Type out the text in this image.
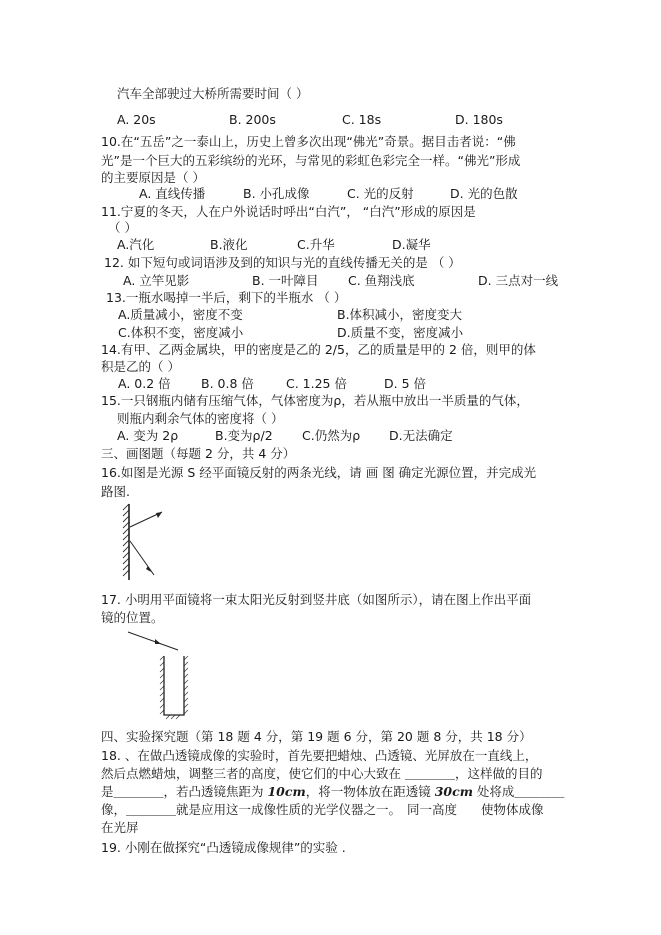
汽车全部驶过大桥所需要时间（ ）
A. 20s	B. 200s	C. 18s	D. 180s
10.在“五岳”之一泰山上，历史上曾多次出现“佛光”奇景。据目击者说：“佛
光”是一个巨大的五彩缤纷的光环，与常见的彩虹色彩完全一样。“佛光”形成
的主要原因是（ ）
A. 直线传播	B. 小孔成像	C. 光的反射	D. 光的色散
11.宁夏的冬天，人在户外说话时呼出“白汽”， “白汽”形成的原因是
（ ）
A.汽化	B.液化	C.升华	D.凝华
12. 如下短句或词语涉及到的知识与光的直线传播无关的是 （ ）
A. 立竿见影	B. 一叶障目 C. 鱼翔浅底	D. 三点对一线
13.一瓶水喝掉一半后，剩下的半瓶水 （ ）
A.质量减小，密度不变	B.体积减小，密度变大
C.体积不变，密度减小	D.质量不变，密度减小
14.有甲、乙两金属块，甲的密度是乙的 2/5，乙的质量是甲的 2 倍，则甲的体
积是乙的（ ）
A. 0.2 倍 B. 0.8 倍	C. 1.25 倍	D. 5 倍
15.一只钢瓶内储有压缩气体，气体密度为ρ，若从瓶中放出一半质量的气体，
则瓶内剩余气体的密度将（ ）
A. 变为 2ρ	B.变为ρ/2 C.仍然为ρ D.无法确定
三、画图题（每题 2 分，共 4 分）
16.如图是光源 S 经平面镜反射的两条光线，请 画 图 确定光源位置，并完成光
路图.
17. 小明用平面镜将一束太阳光反射到竖井底（如图所示），请在图上作出平面
镜的位置。
四、实验探究题（第 18 题 4 分，第 19 题 6 分，第 20 题 8 分，共 18 分）
18. 、在做凸透镜成像的实验时，首先要把蜡烛、凸透镜、光屏放在一直线上，
然后点燃蜡烛，调整三者的高度，使它们的中心大致在 ＿＿＿＿，这样做的目的
是＿＿＿＿，若凸透镜焦距为 10cm，将一物体放在距透镜 30cm 处将成＿＿＿＿
像，＿＿＿＿就是应用这一成像性质的光学仪器之一。 同一高度 使物体成像
在光屏
19. 小刚在做探究“凸透镜成像规律”的实验 .
